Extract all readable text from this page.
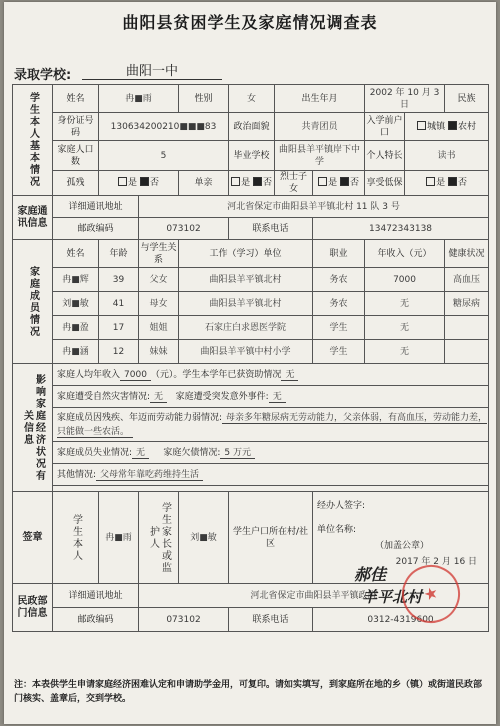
曲阳县贫困学生及家庭情况调查表
录取学校:	曲阳一中
学生本人基本情况	姓名	冉■雨		性别	女	出生年月		2002 年 10 月 3 日		民族	
	身份证号码	130634200210■■■83			政治面貌	共青团员		入学前户口	城镇 农村		
	家庭人口数	5			毕业学校	曲阳县羊平镇岸下中学		个人特长	读书		
	孤残	是 否		单亲	是 否	烈士子女	是 否	享受低保	是 否		
家庭通讯信息	详细通讯地址		河北省保定市曲阳县羊平镇北村 11 队 3 号								
	邮政编码		073102		联系电话		13472343138				

家庭成员情况	姓名	年龄	与学生关系	工作（学习）单位			职业	年收入（元）		健康状况	
	冉■辉	39	父女	曲阳县羊平镇北村			务农	7000		高血压	
	刘■敏	41	母女	曲阳县羊平镇北村			务农	无		糖尿病	
	冉■盈	17	姐姐	石家庄白求恩医学院			学生	无			
	冉■涵	12	妹妹	曲阳县羊平镇中村小学			学生	无			

影响家庭经济状况有关信息	家庭人均年收入 7000 （元）。学生本学年已获资助情况 无										
	家庭遭受自然灾害情况: 无 家庭遭受突发意外事件: 无										
	家庭成员因残疾、年迈而劳动能力弱情况: 母亲多年糖尿病无劳动能力，父亲体弱，有高血压，劳动能力差，只能做一些农活。										
	家庭成员失业情况: 无 家庭欠债情况: 5 万元										
	其他情况: 父母常年靠吃药维持生活										

签章	学生本人	冉■雨	学生家长或监护人	刘■敏	学生户口所在村/社区		经办人签字:
单位名称:
（加盖公章）
2017 年 2 月 16 日				

民政部门信息	详细通讯地址		河北省保定市曲阳县羊平镇政府								
	邮政编码		073102		联系电话		0312-4319600				
郝佳
羊平北村 ★
注：本表供学生申请家庭经济困难认定和申请助学金用，可复印。请如实填写，到家庭所在地的乡（镇）或街道民政部门核实、盖章后，交到学校。
